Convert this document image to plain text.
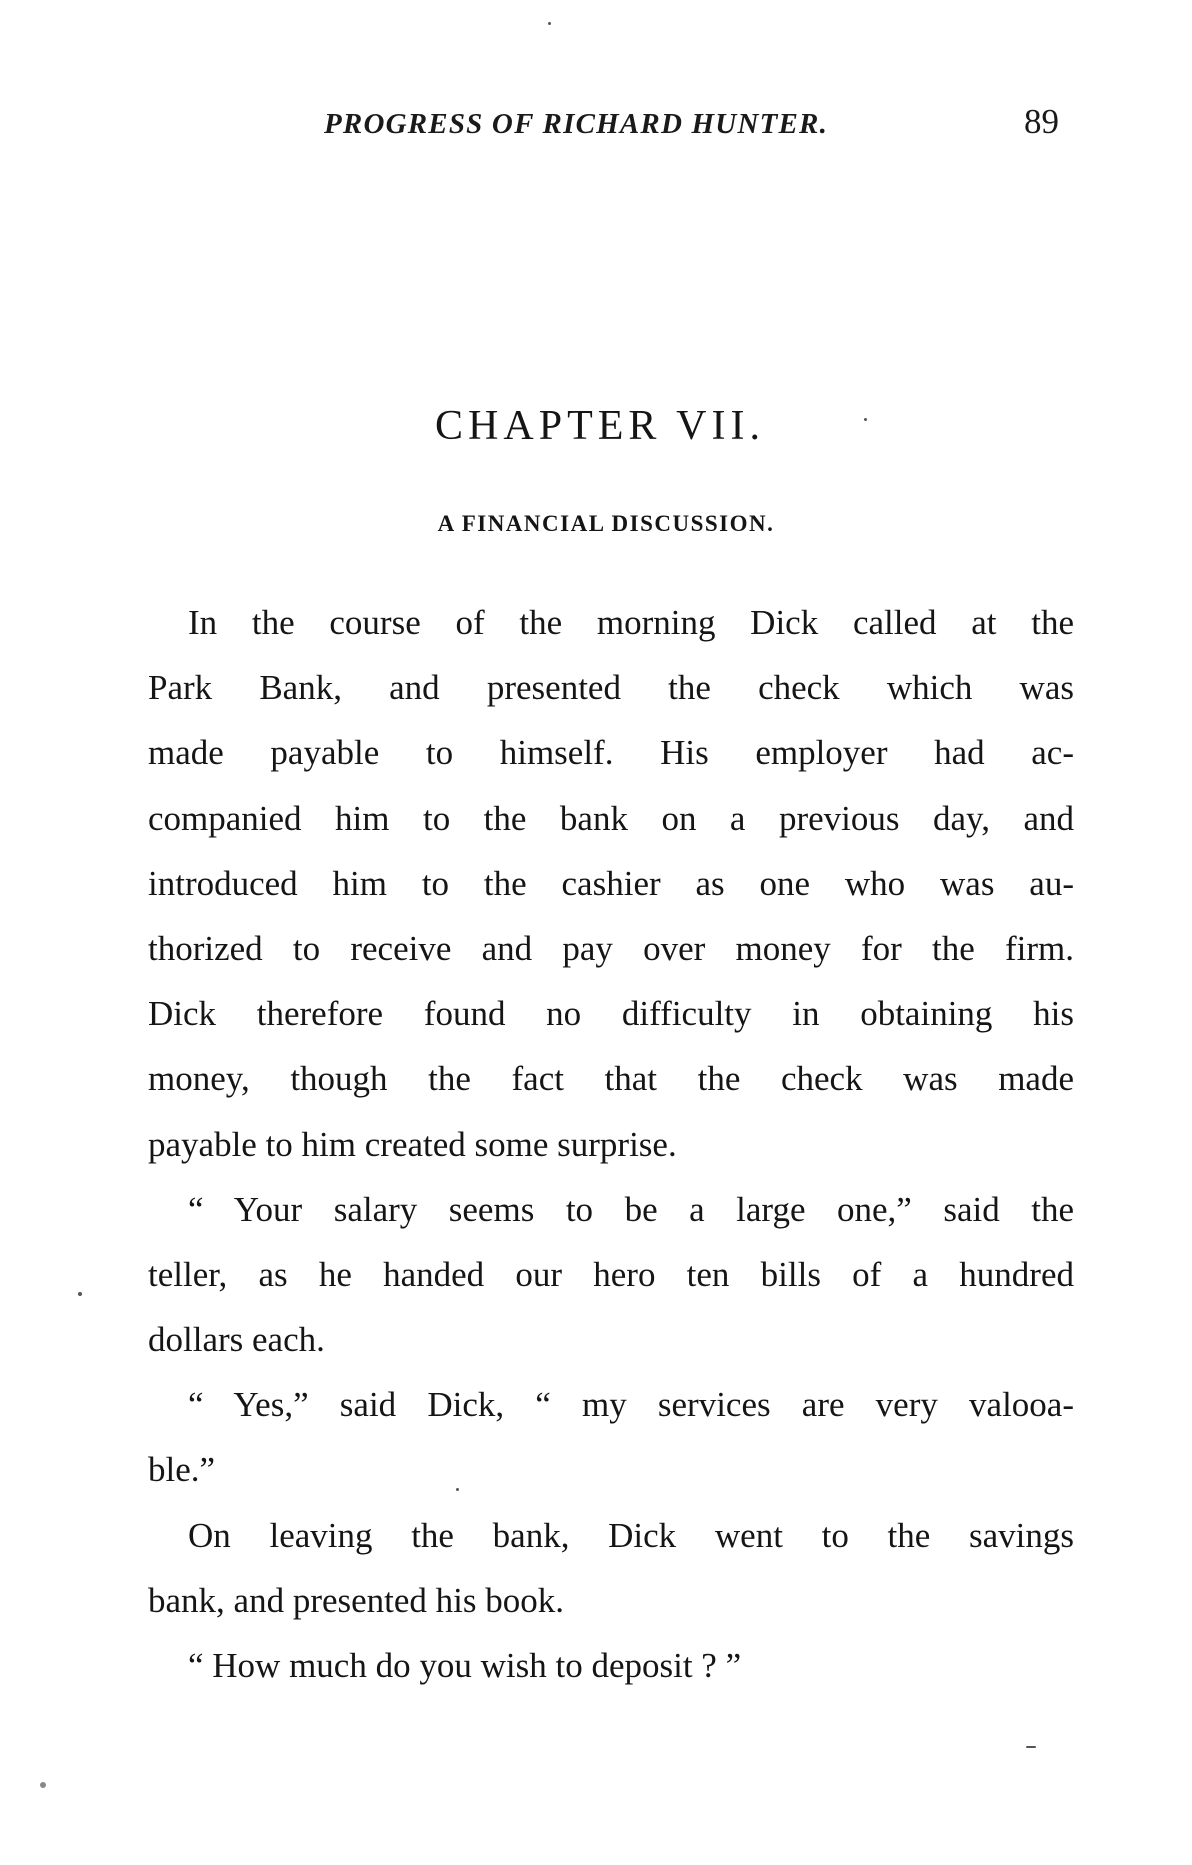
PROGRESS OF RICHARD HUNTER.	89
CHAPTER VII.
A FINANCIAL DISCUSSION.
In the course of the morning Dick called at the
Park Bank, and presented the check which was
made payable to himself. His employer had ac-
companied him to the bank on a previous day, and
introduced him to the cashier as one who was au-
thorized to receive and pay over money for the firm.
Dick therefore found no difficulty in obtaining his
money, though the fact that the check was made
payable to him created some surprise.
“ Your salary seems to be a large one,” said the
teller, as he handed our hero ten bills of a hundred
dollars each.
“ Yes,” said Dick, “ my services are very valooa-
ble.”
On leaving the bank, Dick went to the savings
bank, and presented his book.
“ How much do you wish to deposit ? ”
